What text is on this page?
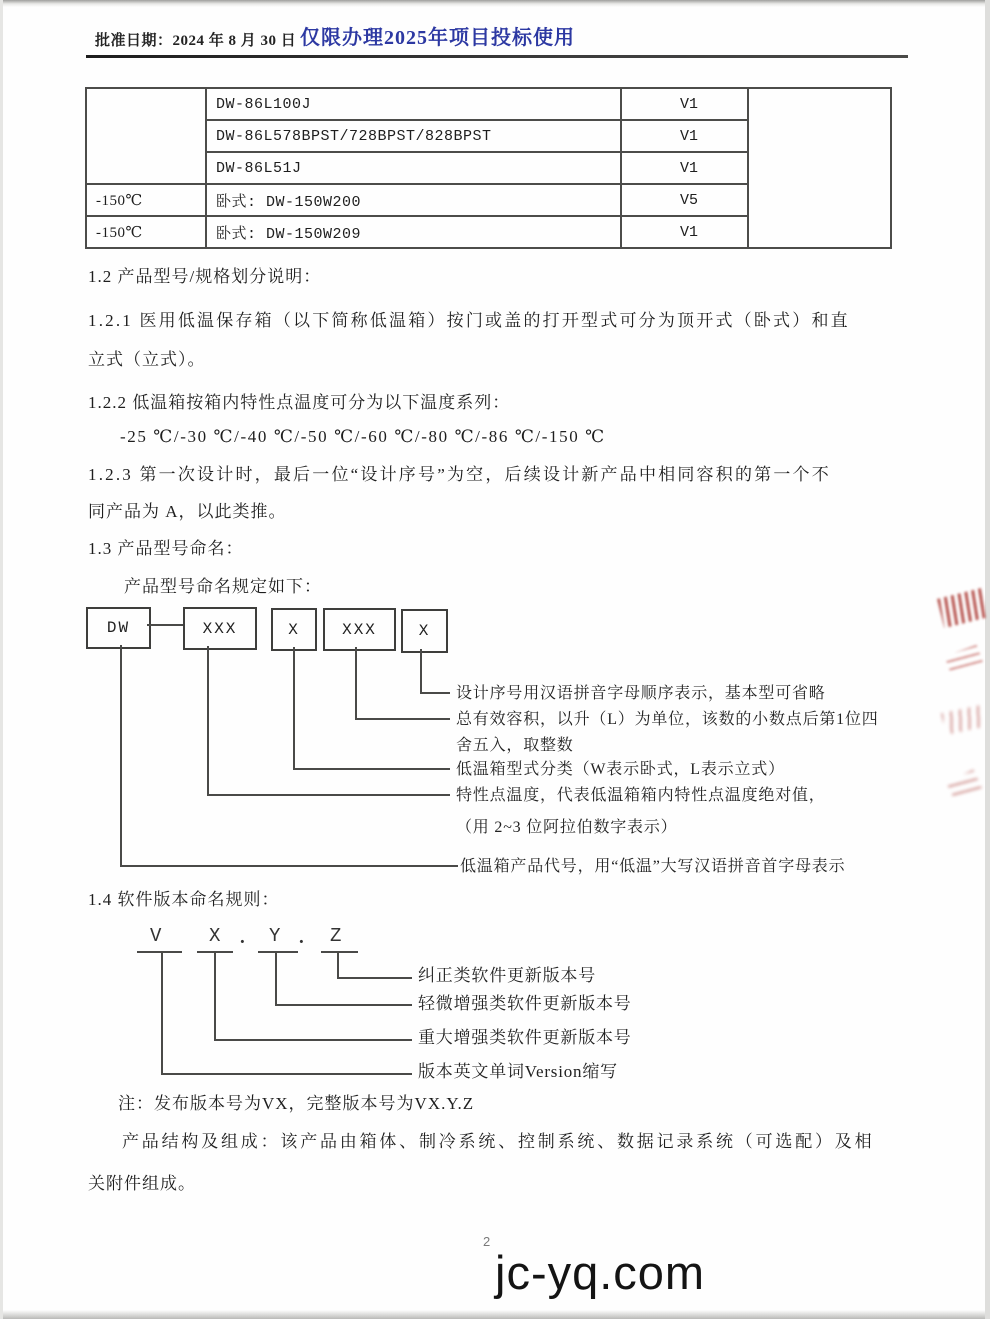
批准日期：2024 年 8 月 30 日 仅限办理2025年项目投标使用
	DW-86L100J	V1	
	DW-86L578BPST/728BPST/828BPST	V1	
	DW-86L51J	V1	
-150℃	卧式: DW-150W200	V5	
-150℃	卧式: DW-150W209	V1	
1.2 产品型号/规格划分说明：
1.2.1 医用低温保存箱（以下简称低温箱）按门或盖的打开型式可分为顶开式（卧式）和直
立式（立式）。
1.2.2 低温箱按箱内特性点温度可分为以下温度系列：
-25 ℃/-30 ℃/-40 ℃/-50 ℃/-60 ℃/-80 ℃/-86 ℃/-150 ℃
1.2.3 第一次设计时，最后一位“设计序号”为空，后续设计新产品中相同容积的第一个不
同产品为 A，以此类推。
1.3 产品型号命名：
产品型号命名规定如下：
DW	XXX	X	XXX	X
设计序号用汉语拼音字母顺序表示，基本型可省略
总有效容积，以升（L）为单位，该数的小数点后第1位四
舍五入，取整数
低温箱型式分类（W表示卧式，L表示立式）
特性点温度，代表低温箱箱内特性点温度绝对值，
（用 2~3 位阿拉伯数字表示）
低温箱产品代号，用“低温”大写汉语拼音首字母表示
1.4 软件版本命名规则：
V	X . Y . Z
纠正类软件更新版本号
轻微增强类软件更新版本号
重大增强类软件更新版本号
版本英文单词Version缩写
注：发布版本号为VX，完整版本号为VX.Y.Z
产品结构及组成：该产品由箱体、制冷系统、控制系统、数据记录系统（可选配）及相
关附件组成。
2
jc-yq.com
